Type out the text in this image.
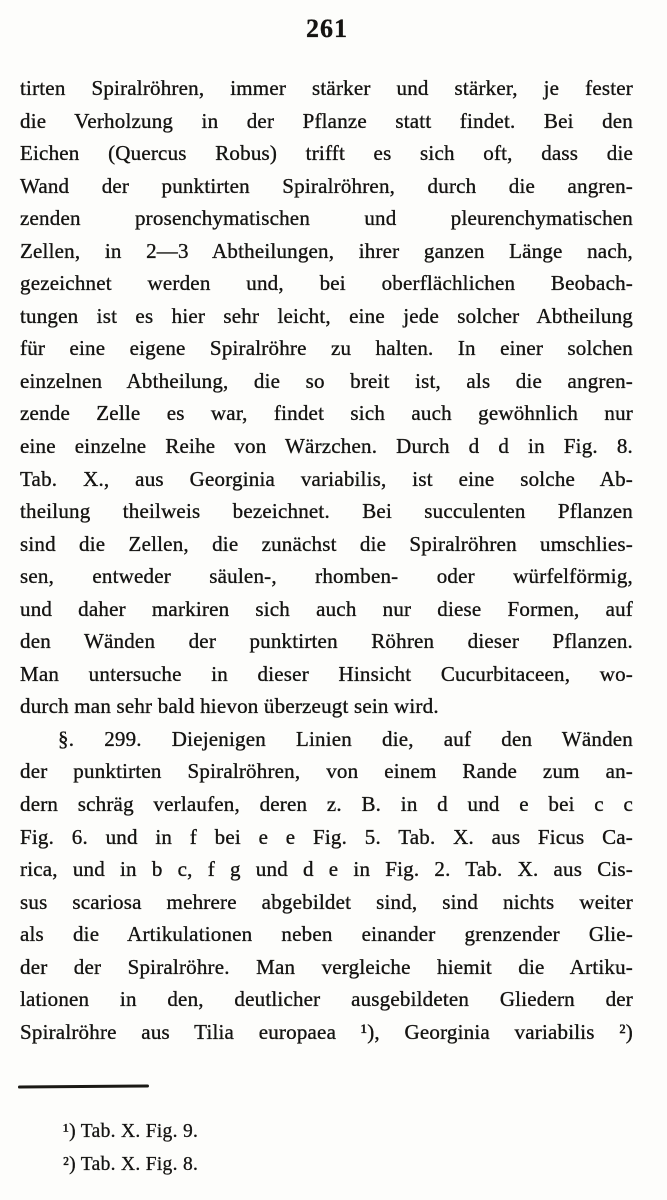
261
tirten Spiralröhren, immer stärker und stärker, je fester
die Verholzung in der Pflanze statt findet. Bei den
Eichen (Quercus Robus) trifft es sich oft, dass die
Wand der punktirten Spiralröhren, durch die angren-
zenden prosenchymatischen und pleurenchymatischen
Zellen, in 2—3 Abtheilungen, ihrer ganzen Länge nach,
gezeichnet werden und, bei oberflächlichen Beobach-
tungen ist es hier sehr leicht, eine jede solcher Abtheilung
für eine eigene Spiralröhre zu halten. In einer solchen
einzelnen Abtheilung, die so breit ist, als die angren-
zende Zelle es war, findet sich auch gewöhnlich nur
eine einzelne Reihe von Wärzchen. Durch d d in Fig. 8.
Tab. X., aus Georginia variabilis, ist eine solche Ab-
theilung theilweis bezeichnet. Bei succulenten Pflanzen
sind die Zellen, die zunächst die Spiralröhren umschlies-
sen, entweder säulen-, rhomben- oder würfelförmig,
und daher markiren sich auch nur diese Formen, auf
den Wänden der punktirten Röhren dieser Pflanzen.
Man untersuche in dieser Hinsicht Cucurbitaceen, wo-
durch man sehr bald hievon überzeugt sein wird.
§. 299. Diejenigen Linien die, auf den Wänden
der punktirten Spiralröhren, von einem Rande zum an-
dern schräg verlaufen, deren z. B. in d und e bei c c
Fig. 6. und in f bei e e Fig. 5. Tab. X. aus Ficus Ca-
rica, und in b c, f g und d e in Fig. 2. Tab. X. aus Cis-
sus scariosa mehrere abgebildet sind, sind nichts weiter
als die Artikulationen neben einander grenzender Glie-
der der Spiralröhre. Man vergleiche hiemit die Artiku-
lationen in den, deutlicher ausgebildeten Gliedern der
Spiralröhre aus Tilia europaea ¹), Georginia variabilis ²)
¹) Tab. X. Fig. 9.
²) Tab. X. Fig. 8.
